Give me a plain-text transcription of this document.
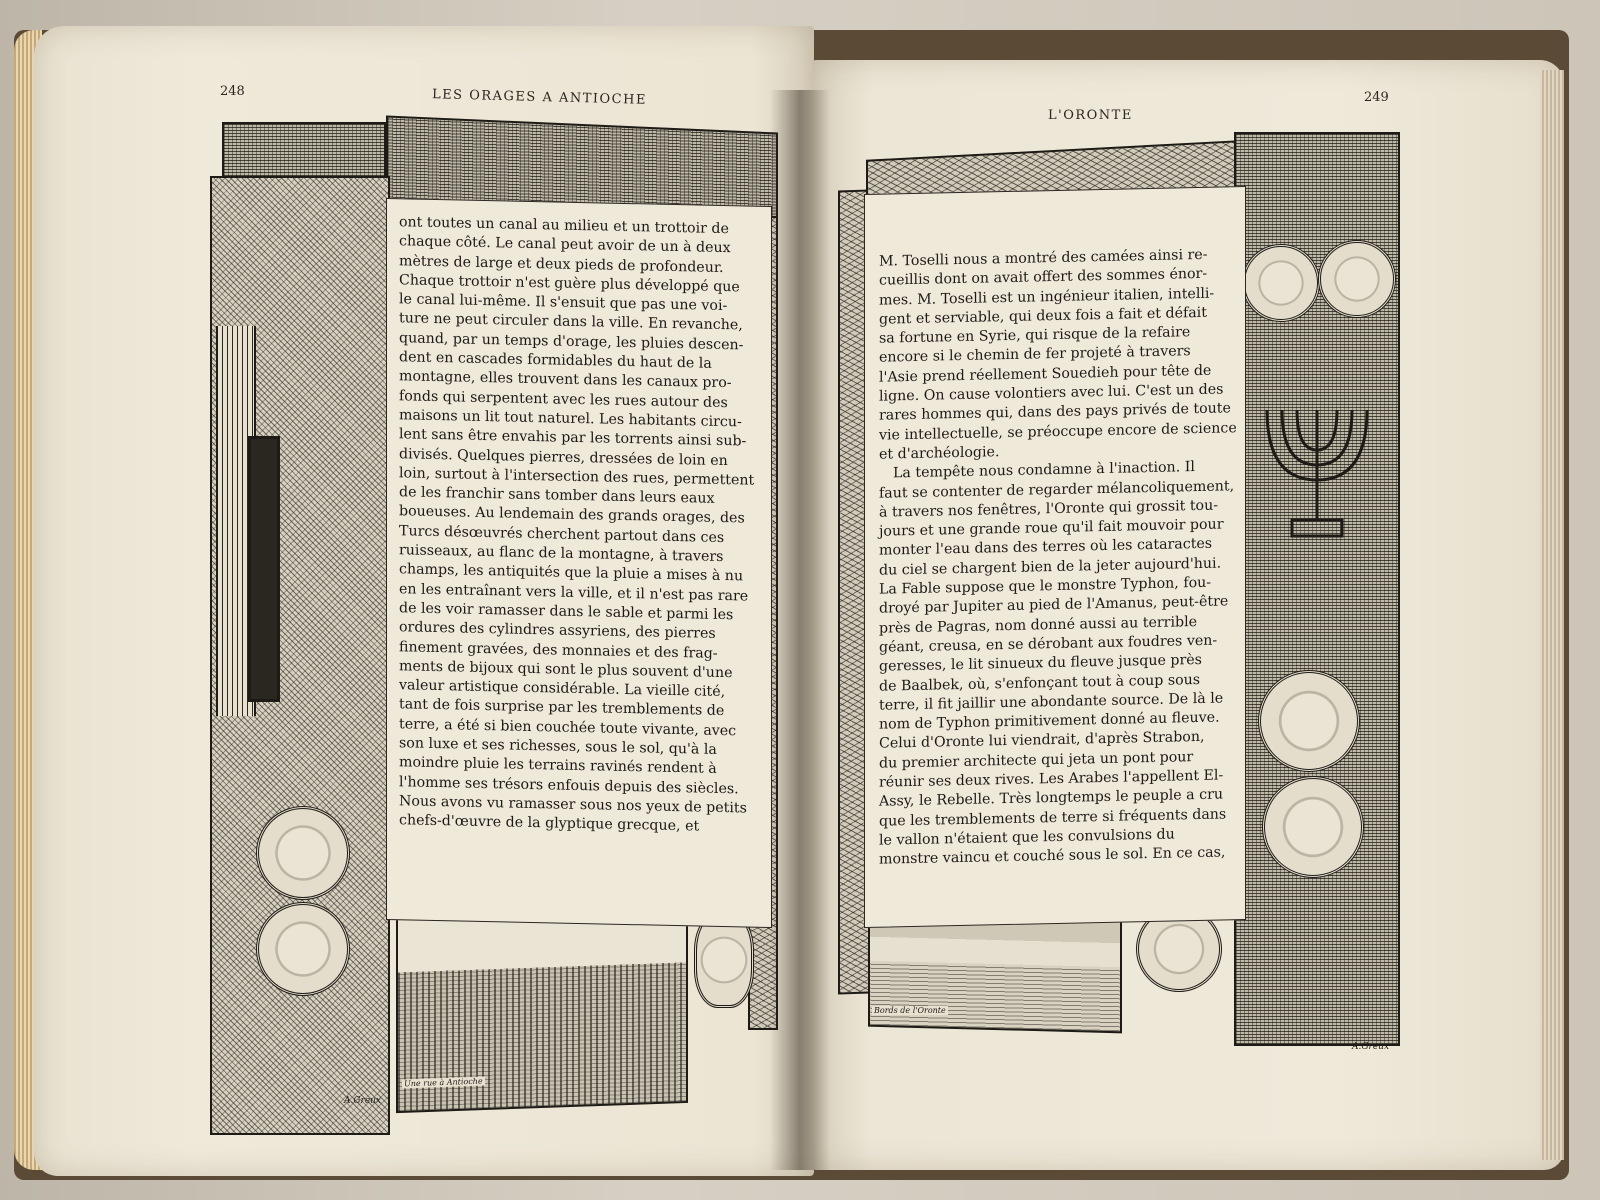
248	LES ORAGES A ANTIOCHE
Une rue à Antioche
A.Greux

ont toutes un canal au milieu et un trottoir de

chaque côté. Le canal peut avoir de un à deux

mètres de large et deux pieds de profondeur.

Chaque trottoir n'est guère plus développé que

le canal lui-même. Il s'ensuit que pas une voi-

ture ne peut circuler dans la ville. En revanche,

quand, par un temps d'orage, les pluies descen-

dent en cascades formidables du haut de la

montagne, elles trouvent dans les canaux pro-

fonds qui serpentent avec les rues autour des

maisons un lit tout naturel. Les habitants circu-

lent sans être envahis par les torrents ainsi sub-

divisés. Quelques pierres, dressées de loin en

loin, surtout à l'intersection des rues, permettent

de les franchir sans tomber dans leurs eaux

boueuses. Au lendemain des grands orages, des

Turcs désœuvrés cherchent partout dans ces

ruisseaux, au flanc de la montagne, à travers

champs, les antiquités que la pluie a mises à nu

en les entraînant vers la ville, et il n'est pas rare

de les voir ramasser dans le sable et parmi les

ordures des cylindres assyriens, des pierres

finement gravées, des monnaies et des frag-

ments de bijoux qui sont le plus souvent d'une

valeur artistique considérable. La vieille cité,

tant de fois surprise par les tremblements de

terre, a été si bien couchée toute vivante, avec

son luxe et ses richesses, sous le sol, qu'à la

moindre pluie les terrains ravinés rendent à

l'homme ses trésors enfouis depuis des siècles.

Nous avons vu ramasser sous nos yeux de petits

chefs-d'œuvre de la glyptique grecque, et

L'ORONTE
249
Bords de l'Oronte
A.Greux

M. Toselli nous a montré des camées ainsi re-

cueillis dont on avait offert des sommes énor-

mes. M. Toselli est un ingénieur italien, intelli-

gent et serviable, qui deux fois a fait et défait

sa fortune en Syrie, qui risque de la refaire

encore si le chemin de fer projeté à travers

l'Asie prend réellement Souedieh pour tête de

ligne. On cause volontiers avec lui. C'est un des

rares hommes qui, dans des pays privés de toute

vie intellectuelle, se préoccupe encore de science

et d'archéologie.

La tempête nous condamne à l'inaction. Il

faut se contenter de regarder mélancoliquement,

à travers nos fenêtres, l'Oronte qui grossit tou-

jours et une grande roue qu'il fait mouvoir pour

monter l'eau dans des terres où les cataractes

du ciel se chargent bien de la jeter aujourd'hui.

La Fable suppose que le monstre Typhon, fou-

droyé par Jupiter au pied de l'Amanus, peut-être

près de Pagras, nom donné aussi au terrible

géant, creusa, en se dérobant aux foudres ven-

geresses, le lit sinueux du fleuve jusque près

de Baalbek, où, s'enfonçant tout à coup sous

terre, il fit jaillir une abondante source. De là le

nom de Typhon primitivement donné au fleuve.

Celui d'Oronte lui viendrait, d'après Strabon,

du premier architecte qui jeta un pont pour

réunir ses deux rives. Les Arabes l'appellent El-

Assy, le Rebelle. Très longtemps le peuple a cru

que les tremblements de terre si fréquents dans

le vallon n'étaient que les convulsions du

monstre vaincu et couché sous le sol. En ce cas,
